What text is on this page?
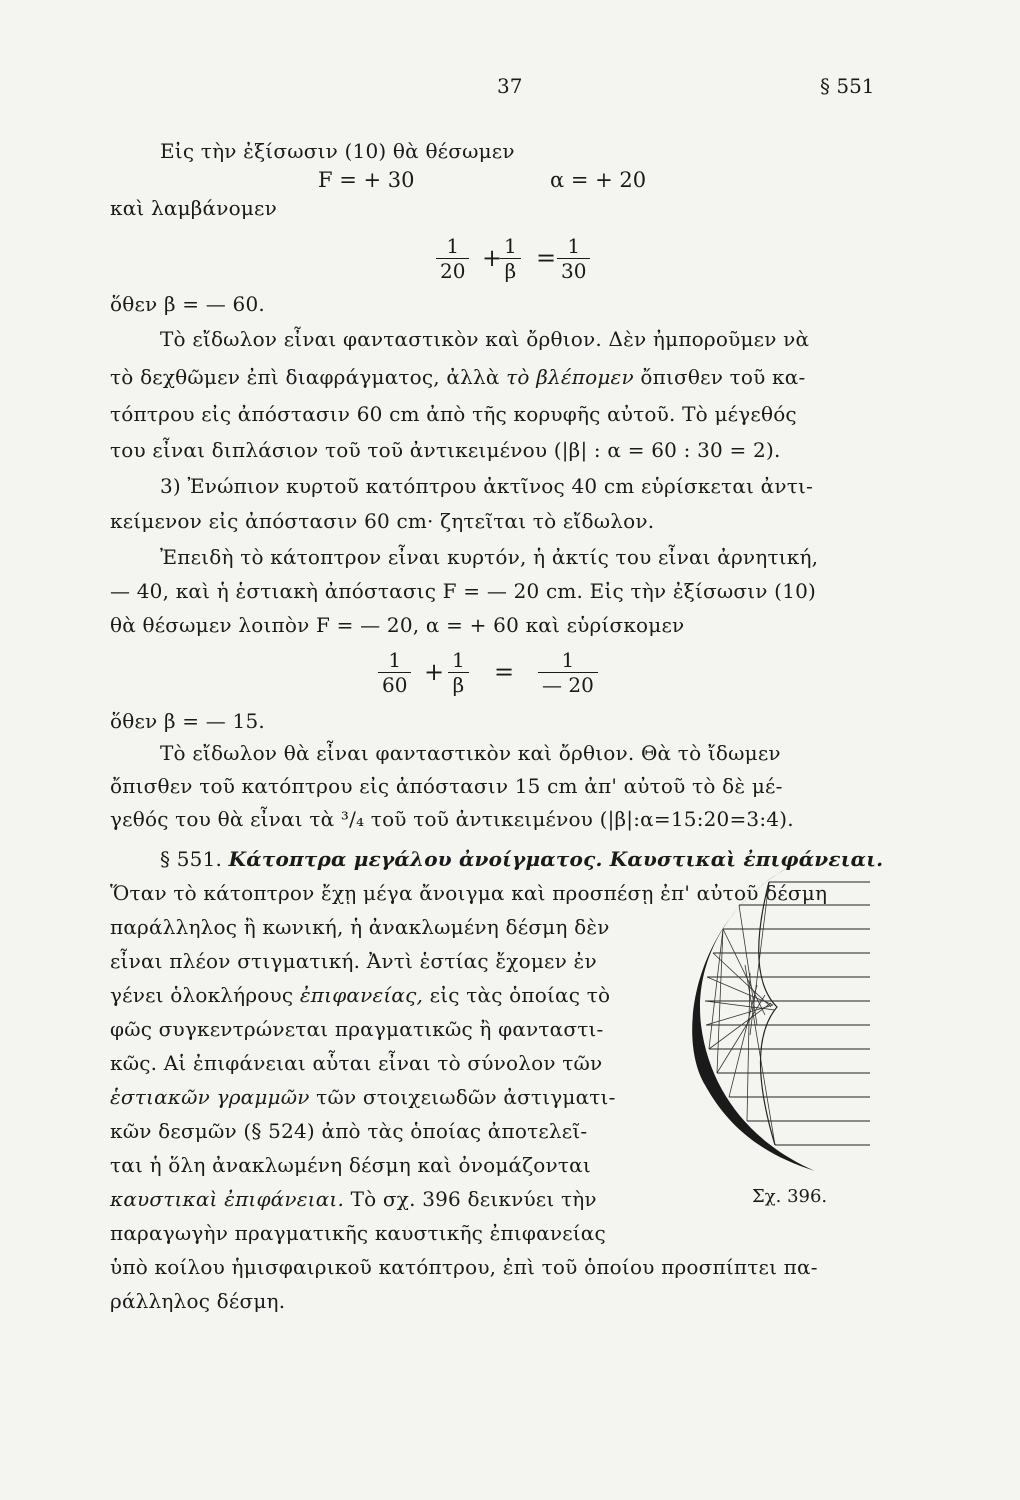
37	§ 551
Εἰς τὴν ἐξίσωσιν (10) θὰ θέσωμεν
F = + 30	α = + 20
καὶ λαμβάνομεν
$\frac{1}{20}$ +
$\frac{1}{\beta} = \frac{1}{30}$
ὅθεν β = — 60.
Τὸ εἴδωλον εἶναι φανταστικὸν καὶ ὄρθιον. Δὲν ἠμποροῦμεν νὰ
τὸ δεχθῶμεν ἐπὶ διαφράγματος, ἀλλὰ τὸ βλέπομεν ὄπισθεν τοῦ κα-
τόπτρου εἰς ἀπόστασιν 60 cm ἀπὸ τῆς κορυφῆς αὐτοῦ. Τὸ μέγεθός
του εἶναι διπλάσιον τοῦ τοῦ ἀντικειμένου (|β| : α = 60 : 30 = 2).
3) Ἐνώπιον κυρτοῦ κατόπτρου ἀκτῖνος 40 cm εὑρίσκεται ἀντι-
κείμενον εἰς ἀπόστασιν 60 cm· ζητεῖται τὸ εἴδωλον.
Ἐπειδὴ τὸ κάτοπτρον εἶναι κυρτόν, ἡ ἀκτίς του εἶναι ἀρνητική,
— 40, καὶ ἡ ἑστιακὴ ἀπόστασις F = — 20 cm. Εἰς τὴν ἐξίσωσιν (10)
θὰ θέσωμεν λοιπὸν F = — 20, α = + 60 καὶ εὑρίσκομεν
$\frac{1}{60} + \frac{1}{\beta} = \frac{1}{— 20}$
ὅθεν β = — 15.
Τὸ εἴδωλον θὰ εἶναι φανταστικὸν καὶ ὄρθιον. Θὰ τὸ ἴδωμεν
ὄπισθεν τοῦ κατόπτρου εἰς ἀπόστασιν 15 cm ἀπ' αὐτοῦ τὸ δὲ μέ-
γεθός του θὰ εἶναι τὰ ³/₄ τοῦ τοῦ ἀντικειμένου (|β|:α=15:20=3:4).
§ 551. Κάτοπτρα μεγάλου ἀνοίγματος. Καυστικαὶ ἐπιφάνειαι.
Ὅταν τὸ κάτοπτρον ἔχῃ μέγα ἄνοιγμα καὶ προσπέσῃ ἐπ' αὐτοῦ δέσμη
παράλληλος ἢ κωνική, ἡ ἀνακλωμένη δέσμη δὲν
εἶναι πλέον στιγματική. Ἀντὶ ἑστίας ἔχομεν ἐν
γένει ὁλοκλήρους ἐπιφανείας, εἰς τὰς ὁποίας τὸ
φῶς συγκεντρώνεται πραγματικῶς ἢ φανταστι-
κῶς. Αἱ ἐπιφάνειαι αὗται εἶναι τὸ σύνολον τῶν
ἑστιακῶν γραμμῶν τῶν στοιχειωδῶν ἀστιγματι-
κῶν δεσμῶν (§ 524) ἀπὸ τὰς ὁποίας ἀποτελεῖ-
ται ἡ ὅλη ἀνακλωμένη δέσμη καὶ ὀνομάζονται
καυστικαὶ ἐπιφάνειαι. Τὸ σχ. 396 δεικνύει τὴν
παραγωγὴν πραγματικῆς καυστικῆς ἐπιφανείας
ὑπὸ κοίλου ἡμισφαιρικοῦ κατόπτρου, ἐπὶ τοῦ ὁποίου προσπίπτει πα-
ράλληλος δέσμη.
Σχ. 396.
